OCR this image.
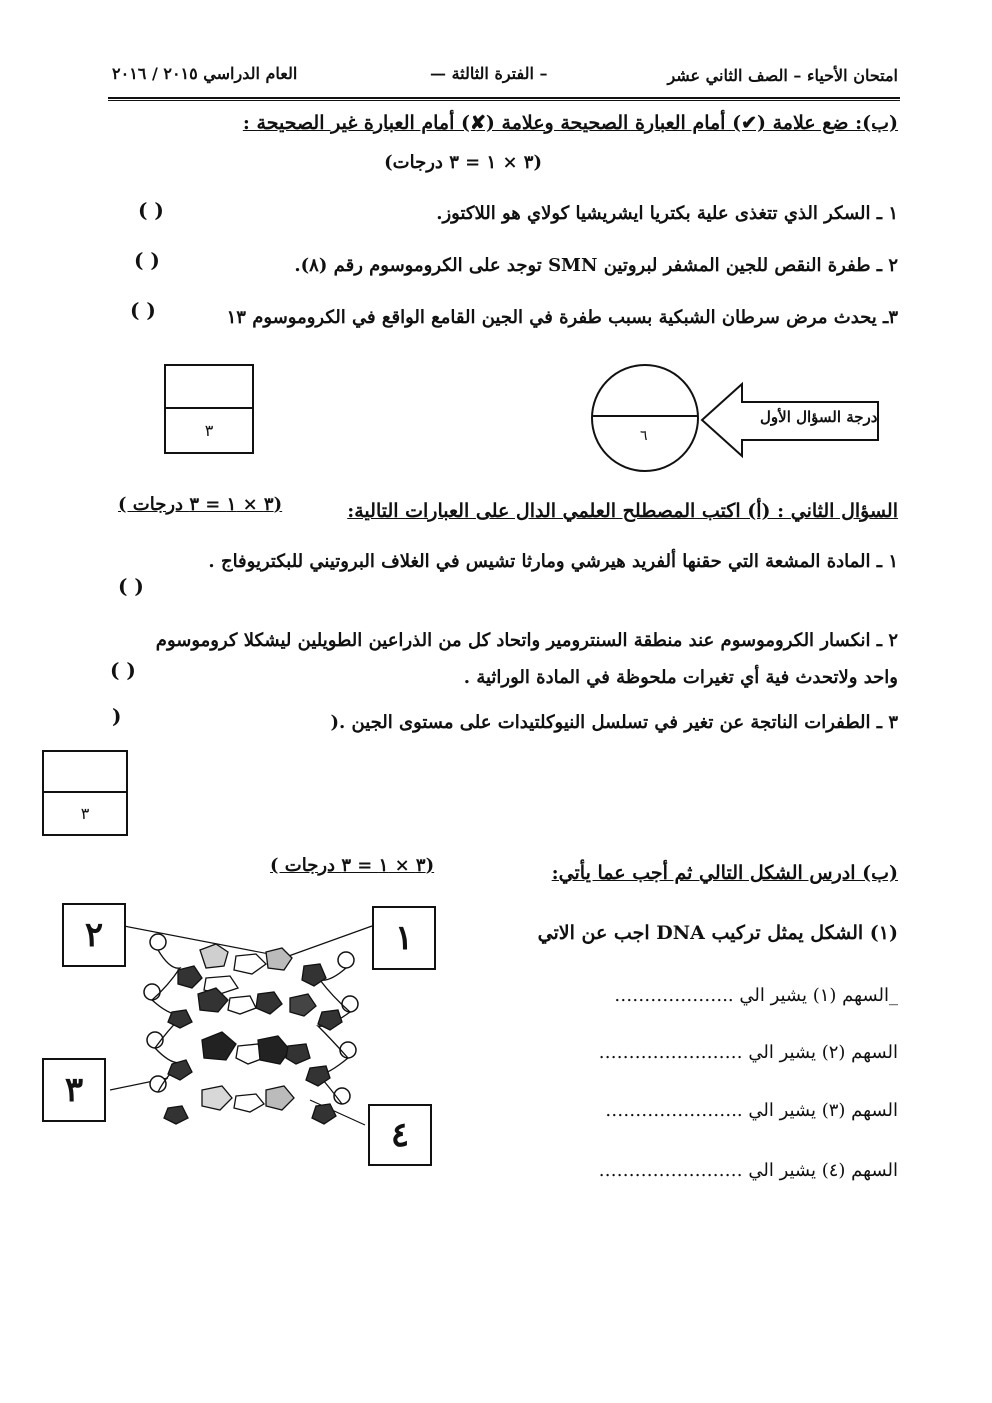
امتحان الأحياء – الصف الثاني عشر
– الفترة الثالثة —
العام الدراسي ٢٠١٥ / ٢٠١٦
(ب): ضع علامة (✔) أمام العبارة الصحيحة وعلامة (✘) أمام العبارة غير الصحيحة :
(٣ × ١ = ٣ درجات)
١ ـ السكر الذي تتغذى علية بكتريا ايشريشيا كولاي هو اللاكتوز.
( )
٢ ـ طفرة النقص للجين المشفر لبروتين SMN توجد على الكروموسوم رقم (٨).
( )
٣ـ يحدث مرض سرطان الشبكية بسبب طفرة في الجين القامع الواقع في الكروموسوم ١٣
( )
٣
درجة السؤال الأول
٦
السؤال الثاني : (أ) اكتب المصطلح العلمي الدال على العبارات التالية:
(٣ × ١ = ٣ درجات )
١ ـ المادة المشعة التي حقنها ألفريد هيرشي ومارثا تشيس في الغلاف البروتيني للبكتريوفاج .
( )
٢ ـ انكسار الكروموسوم عند منطقة السنترومير واتحاد كل من الذراعين الطويلين ليشكلا كروموسوم
واحد ولاتحدث فية أي تغيرات ملحوظة في المادة الوراثية .
( )
٣ ـ الطفرات الناتجة عن تغير في تسلسل النيوكلتيدات على مستوى الجين .(
)
٣
(ب) ادرس الشكل التالي ثم أجب عما يأتي:
(٣ × ١ = ٣ درجات )
(١) الشكل يمثل تركيب DNA اجب عن الاتي
_السهم (١) يشير الي ..………………
السهم (٢) يشير الي ……………………
السهم (٣) يشير الي ..…………………
السهم (٤) يشير الي ……………………
٢	١
٣
٤
